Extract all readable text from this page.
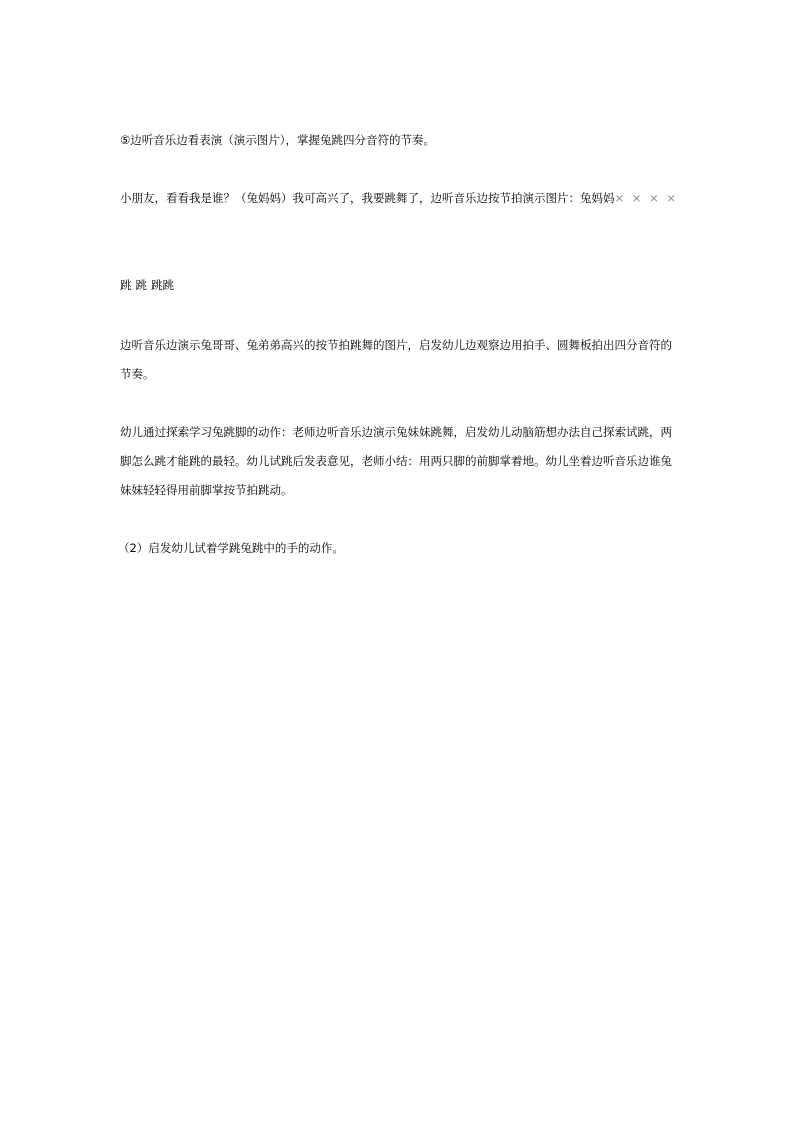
⑤边听音乐边看表演（演示图片），掌握兔跳四分音符的节奏。
小朋友，看看我是谁？（兔妈妈）我可高兴了，我要跳舞了，边听音乐边按节拍演示图片：兔妈妈× × × ×
跳 跳 跳跳
边听音乐边演示兔哥哥、兔弟弟高兴的按节拍跳舞的图片，启发幼儿边观察边用拍手、圆舞板拍出四分音符的节奏。
幼儿通过探索学习兔跳脚的动作：老师边听音乐边演示兔妹妹跳舞，启发幼儿动脑筋想办法自己探索试跳，两脚怎么跳才能跳的最轻。幼儿试跳后发表意见，老师小结：用两只脚的前脚掌着地。幼儿坐着边听音乐边谁兔妹妹轻轻得用前脚掌按节拍跳动。
（2）启发幼儿试着学跳兔跳中的手的动作。
